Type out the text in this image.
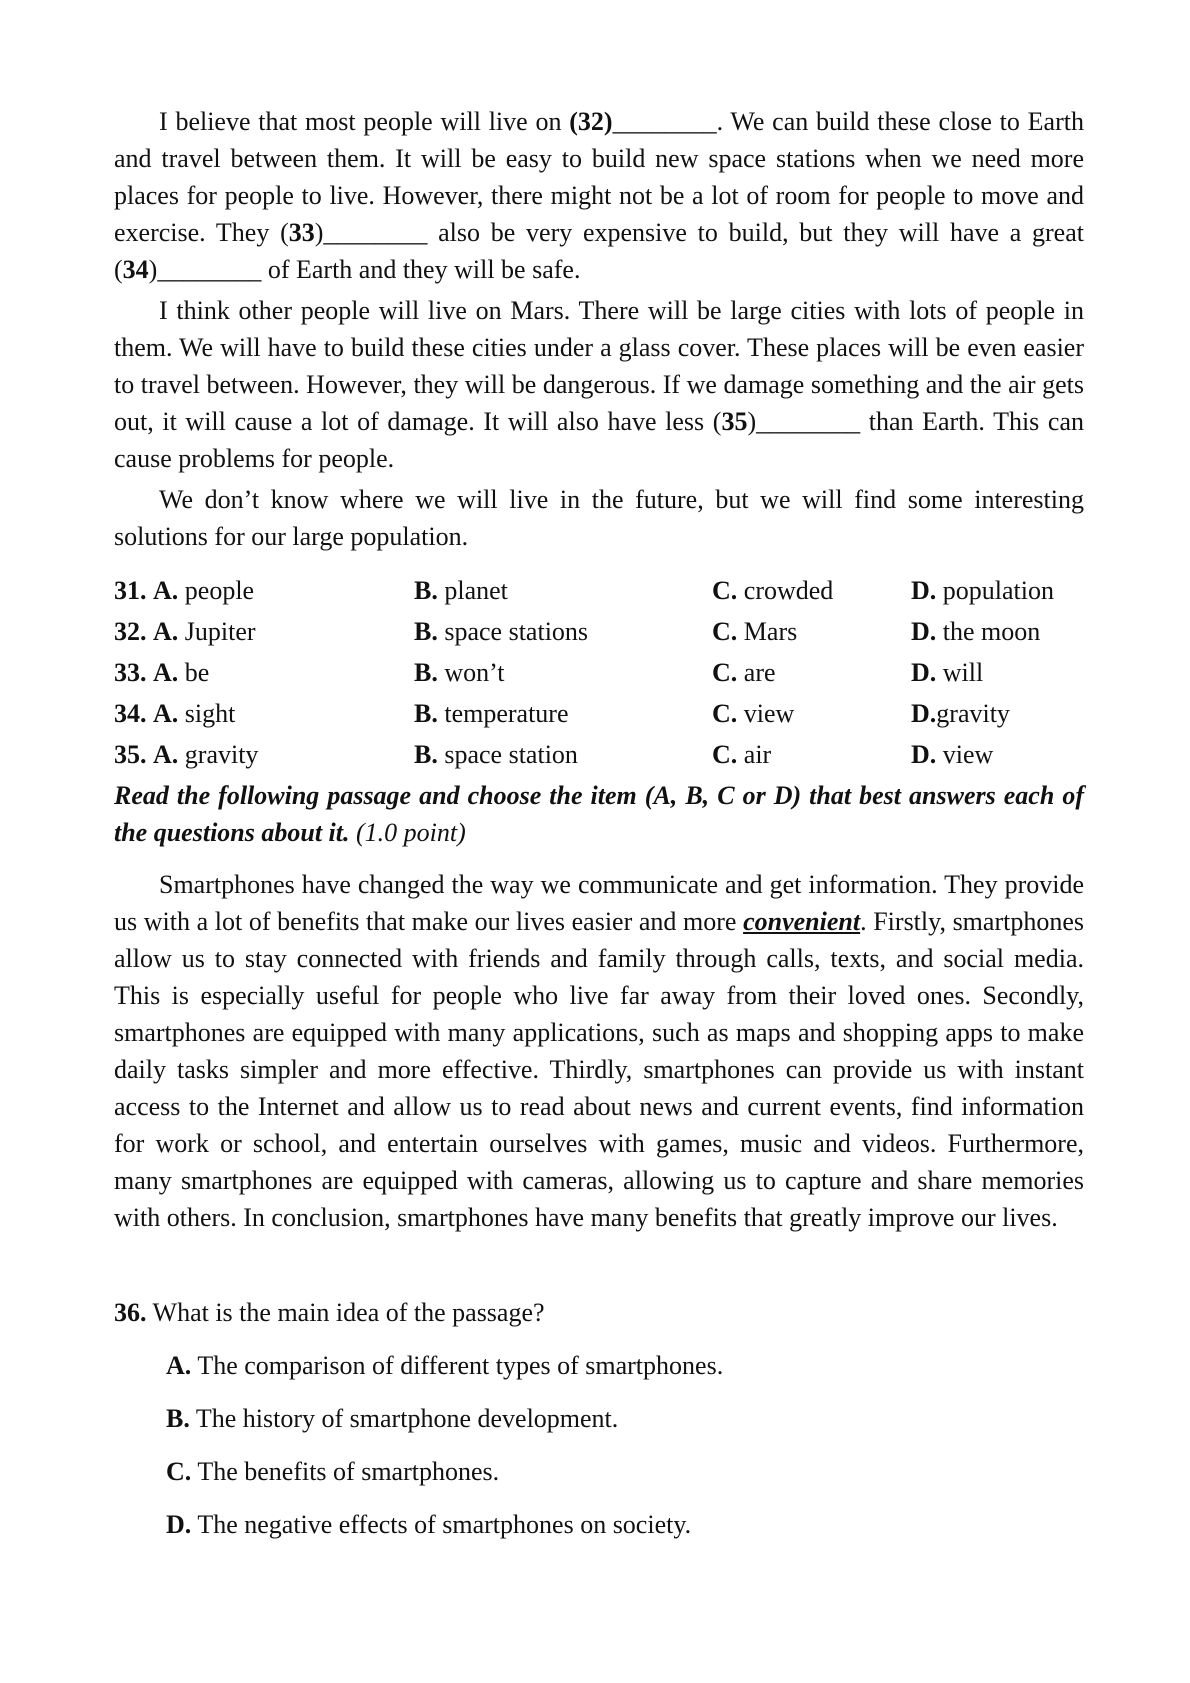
I believe that most people will live on (32)________. We can build these close to Earth and travel between them. It will be easy to build new space stations when we need more places for people to live. However, there might not be a lot of room for people to move and exercise. They (33)________ also be very expensive to build, but they will have a great (34)________ of Earth and they will be safe.

I think other people will live on Mars. There will be large cities with lots of people in them. We will have to build these cities under a glass cover. These places will be even easier to travel between. However, they will be dangerous. If we damage something and the air gets out, it will cause a lot of damage. It will also have less (35)________ than Earth. This can cause problems for people.

We don’t know where we will live in the future, but we will find some interesting solutions for our large population.

31. A. people	B. planet	C. crowded	D. population
32. A. Jupiter	B. space stations	C. Mars	D. the moon
33. A. be	B. won’t	C. are	D. will
34. A. sight	B. temperature	C. view	D.gravity
35. A. gravity	B. space station	C. air	D. view
Read the following passage and choose the item (A, B, C or D) that best answers each of the questions about it. (1.0 point)

Smartphones have changed the way we communicate and get information. They provide us with a lot of benefits that make our lives easier and more convenient. Firstly, smartphones allow us to stay connected with friends and family through calls, texts, and social media. This is especially useful for people who live far away from their loved ones. Secondly, smartphones are equipped with many applications, such as maps and shopping apps to make daily tasks simpler and more effective. Thirdly, smartphones can provide us with instant access to the Internet and allow us to read about news and current events, find information for work or school, and entertain ourselves with games, music and videos. Furthermore, many smartphones are equipped with cameras, allowing us to capture and share memories with others. In conclusion, smartphones have many benefits that greatly improve our lives.

36. What is the main idea of the passage?
A. The comparison of different types of smartphones.
B. The history of smartphone development.
C. The benefits of smartphones.
D. The negative effects of smartphones on society.
